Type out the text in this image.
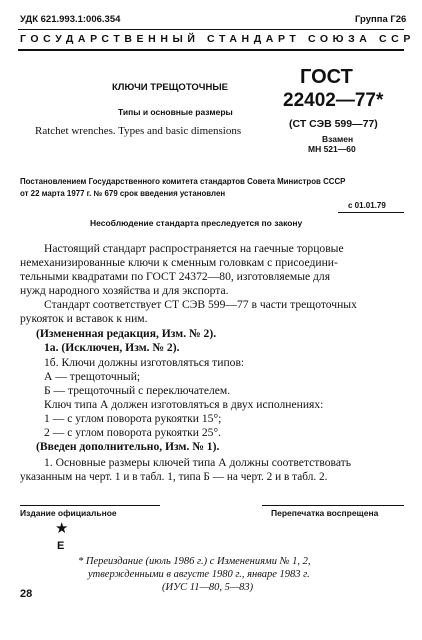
УДК 621.993.1:006.354	Группа Г26
ГОСУДАРСТВЕННЫЙ СТАНДАРТ СОЮЗА ССР
КЛЮЧИ ТРЕЩОТОЧНЫЕ
Типы и основные размеры
Ratchet wrenches. Types and basic dimensions
ГОСТ
22402—77*
(СТ СЭВ 599—77)
Взамен
МН 521—60
Постановлением Государственного комитета стандартов Совета Министров СССР
от 22 марта 1977 г. № 679 срок введения установлен
с 01.01.79
Несоблюдение стандарта преследуется по закону
Настоящий стандарт распространяется на гаечные торцовые
немеханизированные ключи к сменным головкам с присоедини-
тельными квадратами по ГОСТ 24372—80, изготовляемые для
нужд народного хозяйства и для экспорта.
Стандарт соответствует СТ СЭВ 599—77 в части трещоточных
рукояток и вставок к ним.
(Измененная редакция, Изм. № 2).
1а. (Исключен, Изм. № 2).
1б. Ключи должны изготовляться типов:
А — трещоточный;
Б — трещоточный с переключателем.
Ключ типа А должен изготовляться в двух исполнениях:
1 — с углом поворота рукоятки 15°;
2 — с углом поворота рукоятки 25°.
(Введен дополнительно, Изм. № 1).
1. Основные размеры ключей типа А должны соответствовать
указанным на черт. 1 и в табл. 1, типа Б — на черт. 2 и в табл. 2.
Издание официальное	Перепечатка воспрещена
★
Е
* Переиздание (июль 1986 г.) с Изменениями № 1, 2,
утвержденными в августе 1980 г., январе 1983 г.
(ИУС 11—80, 5—83)
28
